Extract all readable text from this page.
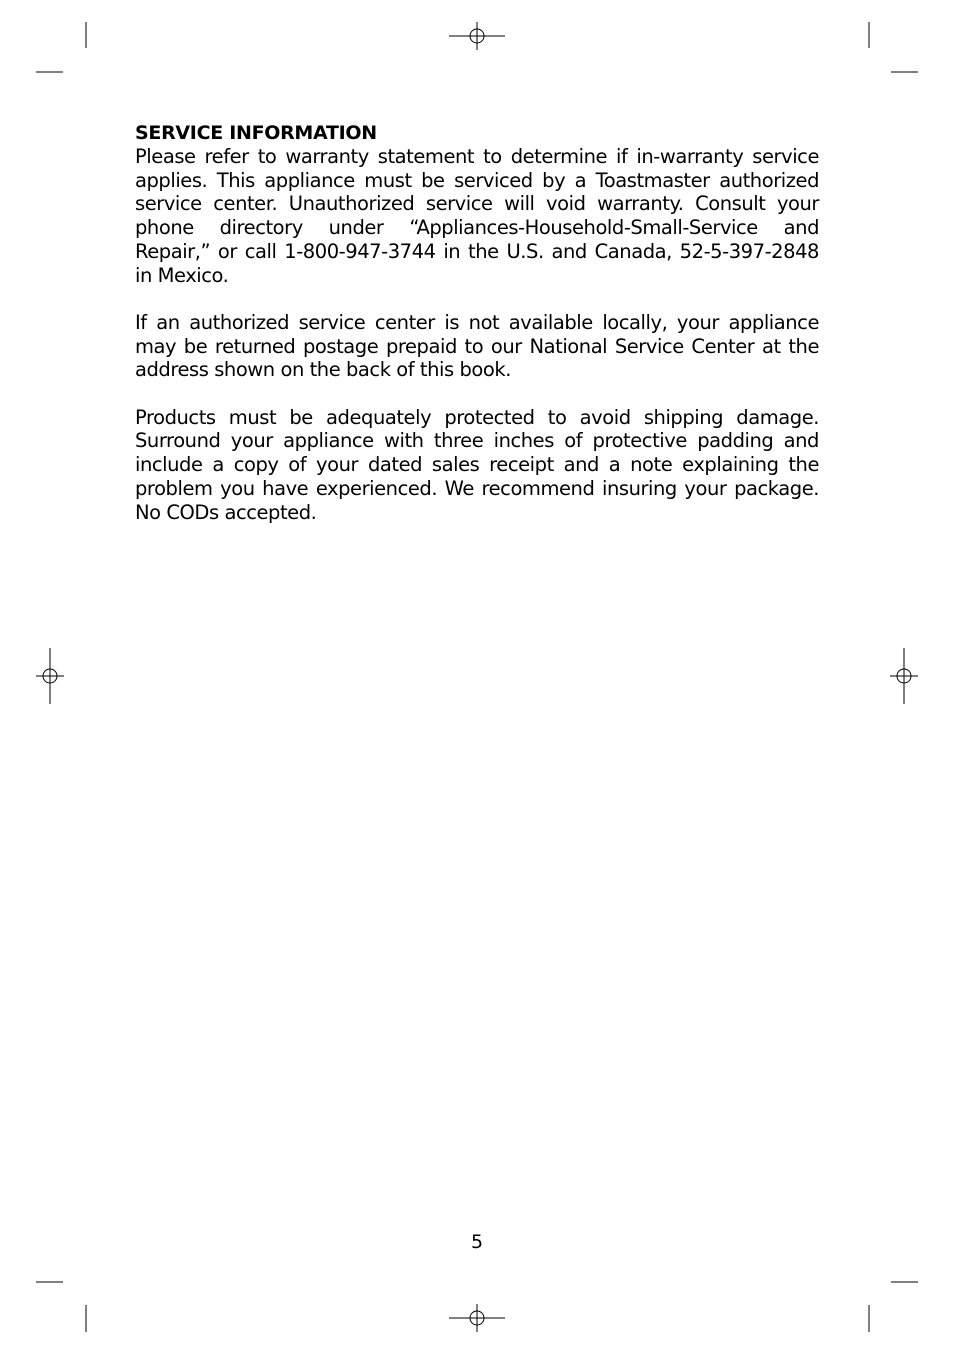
SERVICE INFORMATION

Please refer to warranty statement to determine if in-warranty service applies. This appliance must be serviced by a Toastmaster authorized service center. Unauthorized service will void warranty. Consult your phone directory under “Appliances-Household-Small-Service and Repair,” or call 1-800-947-3744 in the U.S. and Canada, 52-5-397-2848 in Mexico.

If an authorized service center is not available locally, your appliance may be returned postage prepaid to our National Service Center at the address shown on the back of this book.

Products must be adequately protected to avoid shipping damage. Surround your appliance with three inches of protective padding and include a copy of your dated sales receipt and a note explaining the problem you have experienced. We recommend insuring your package. No CODs accepted.

5
